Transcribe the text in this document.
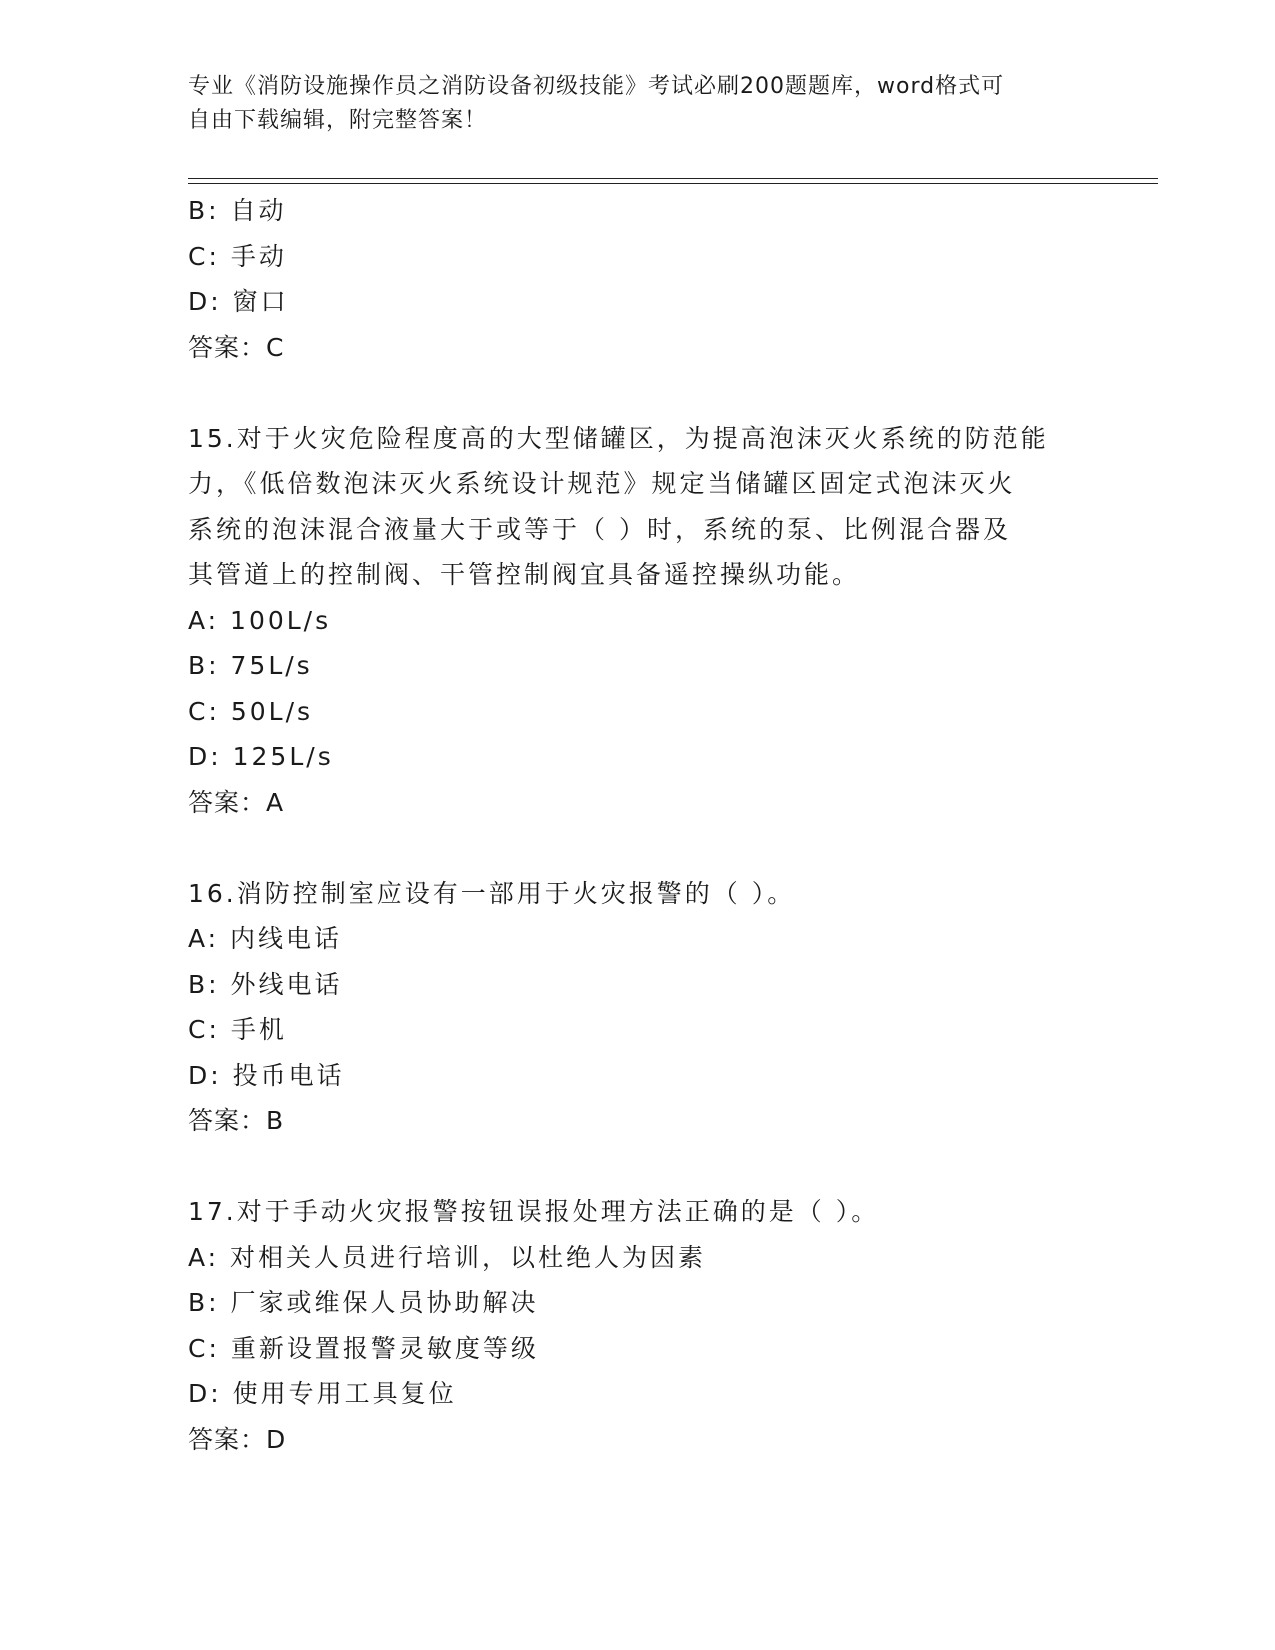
专业《消防设施操作员之消防设备初级技能》考试必刷200题题库，word格式可
自由下载编辑，附完整答案！
B: 自动
C: 手动
D: 窗口
答案：C
15.对于火灾危险程度高的大型储罐区，为提高泡沫灭火系统的防范能
力，《低倍数泡沫灭火系统设计规范》规定当储罐区固定式泡沫灭火
系统的泡沫混合液量大于或等于（ ）时，系统的泵、比例混合器及
其管道上的控制阀、干管控制阀宜具备遥控操纵功能。
A: 100L/s
B: 75L/s
C: 50L/s
D: 125L/s
答案：A
16.消防控制室应设有一部用于火灾报警的（ ）。
A: 内线电话
B: 外线电话
C: 手机
D: 投币电话
答案：B
17.对于手动火灾报警按钮误报处理方法正确的是（ ）。
A: 对相关人员进行培训，以杜绝人为因素
B: 厂家或维保人员协助解决
C: 重新设置报警灵敏度等级
D: 使用专用工具复位
答案：D
